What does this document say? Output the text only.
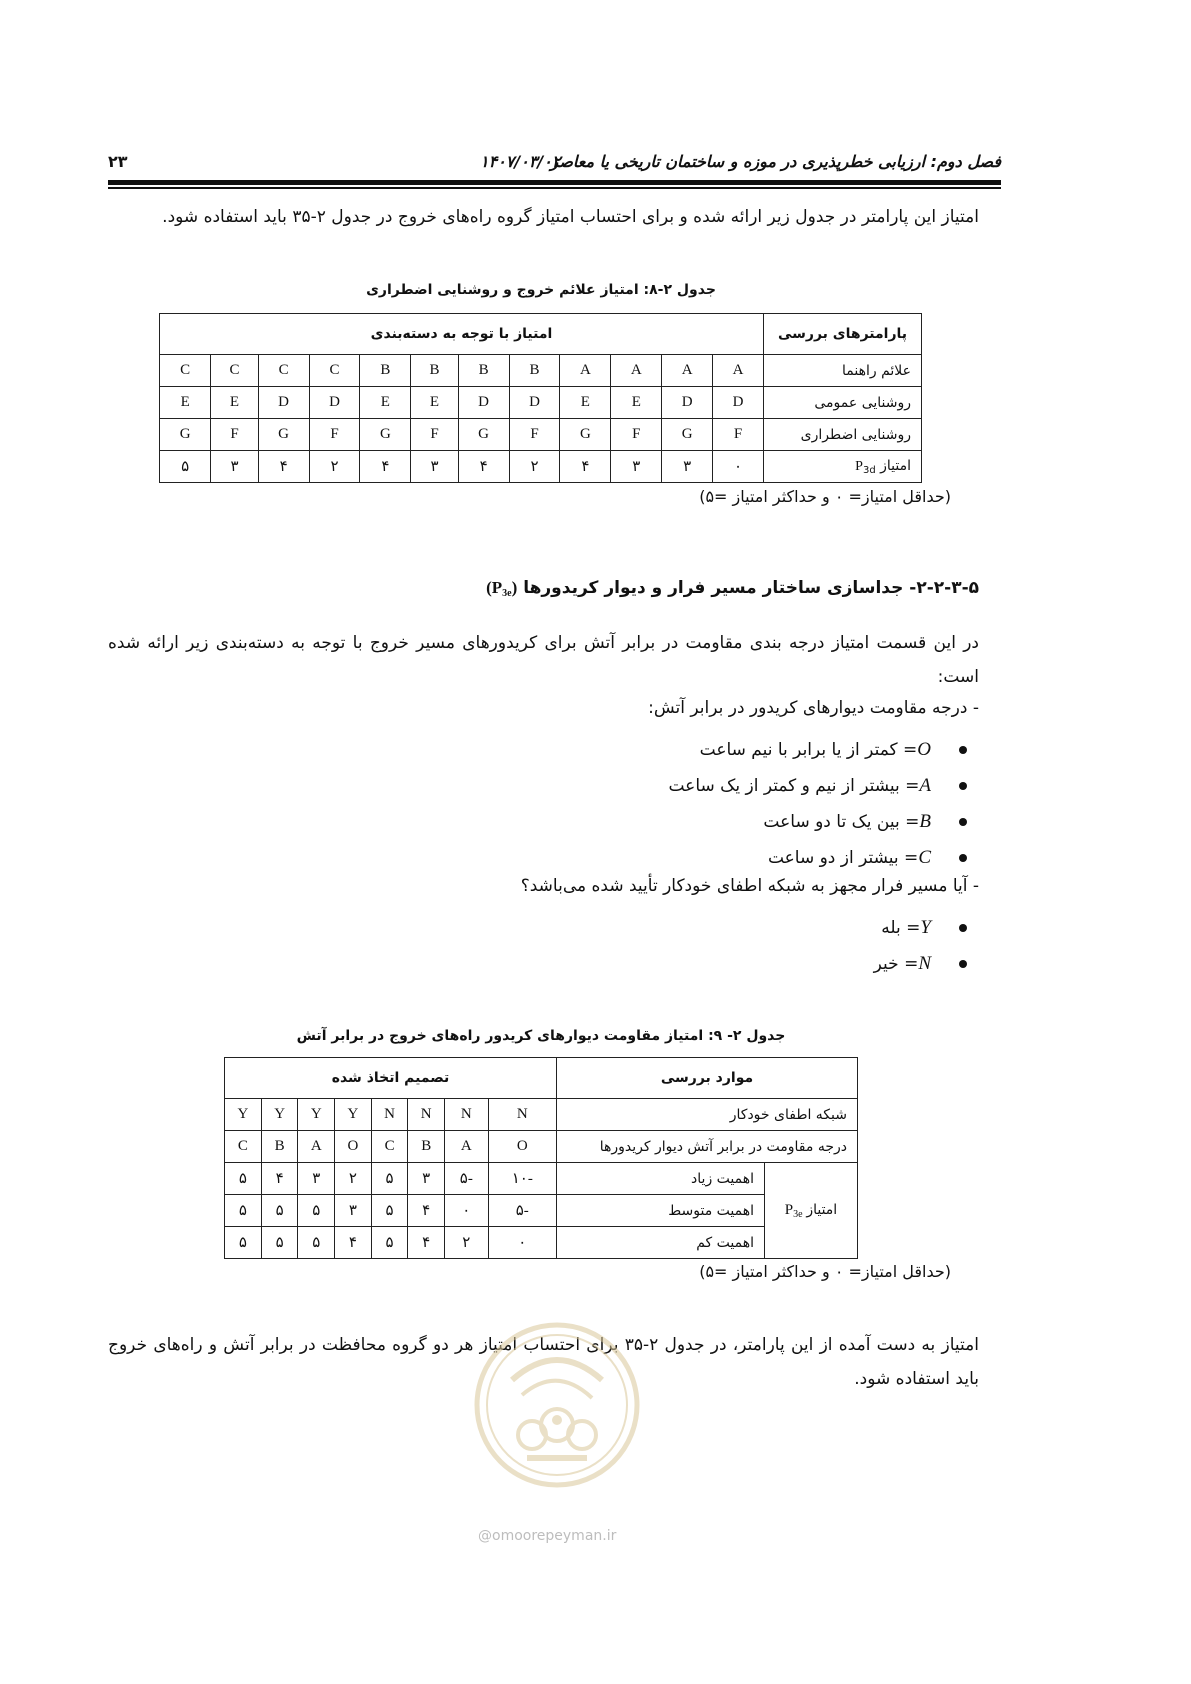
فصل دوم: ارزیابی خطرپذیری در موزه و ساختمان تاریخی یا معاصر
۱۴۰۷/۰۳/۰۲
۲۳
امتیاز این پارامتر در جدول زیر ارائه شده و برای احتساب امتیاز گروه راه‌های خروج در جدول ۲-۳۵ باید استفاده شود.
جدول ۲-۸: امتیاز علائم خروج و روشنایی اضطراری
پارامترهای بررسی	امتیاز با توجه به دسته‌بندی											
علائم راهنما	A	A	A	A	B	B	B	B	C	C	C	C
روشنایی عمومی	D	D	E	E	D	D	E	E	D	D	E	E
روشنایی اضطراری	F	G	F	G	F	G	F	G	F	G	F	G
امتیاز $P_{3d}$	۰	۳	۳	۴	۲	۴	۳	۴	۲	۴	۳	۵
(حداقل امتیاز= ۰ و حداکثر امتیاز =۵)
۲-۲-۳-۵- جداسازی ساختار مسیر فرار و دیوار کریدورها $(P_{3e})$
در این قسمت امتیاز درجه بندی مقاومت در برابر آتش برای کریدورهای مسیر خروج با توجه به دسته‌بندی زیر ارائه شده است:
- درجه مقاومت دیوارهای کریدور در برابر آتش:
O= کمتر از یا برابر با نیم ساعت
A= بیشتر از نیم و کمتر از یک ساعت
B= بین یک تا دو ساعت
C= بیشتر از دو ساعت
- آیا مسیر فرار مجهز به شبکه اطفای خودکار تأیید شده می‌باشد؟
Y= بله
N= خیر
جدول ۲- ۹: امتیاز مقاومت دیوارهای کریدور راه‌های خروج در برابر آتش
موارد بررسی		تصمیم اتخاذ شده							
شبکه اطفای خودکار		N	N	N	N	Y	Y	Y	Y
درجه مقاومت در برابر آتش دیوار کریدورها		O	A	B	C	O	A	B	C
امتیاز $P_{3e}$	اهمیت زیاد	-۱۰	-۵	۳	۵	۲	۳	۴	۵
	اهمیت متوسط	-۵	۰	۴	۵	۳	۵	۵	۵
	اهمیت کم	۰	۲	۴	۵	۴	۵	۵	۵
(حداقل امتیاز= ۰ و حداکثر امتیاز =۵)
امتیاز به دست آمده از این پارامتر، در جدول ۲-۳۵ برای احتساب امتیاز هر دو گروه محافظت در برابر آتش و راه‌های خروج باید استفاده شود.
@omoorepeyman.ir
